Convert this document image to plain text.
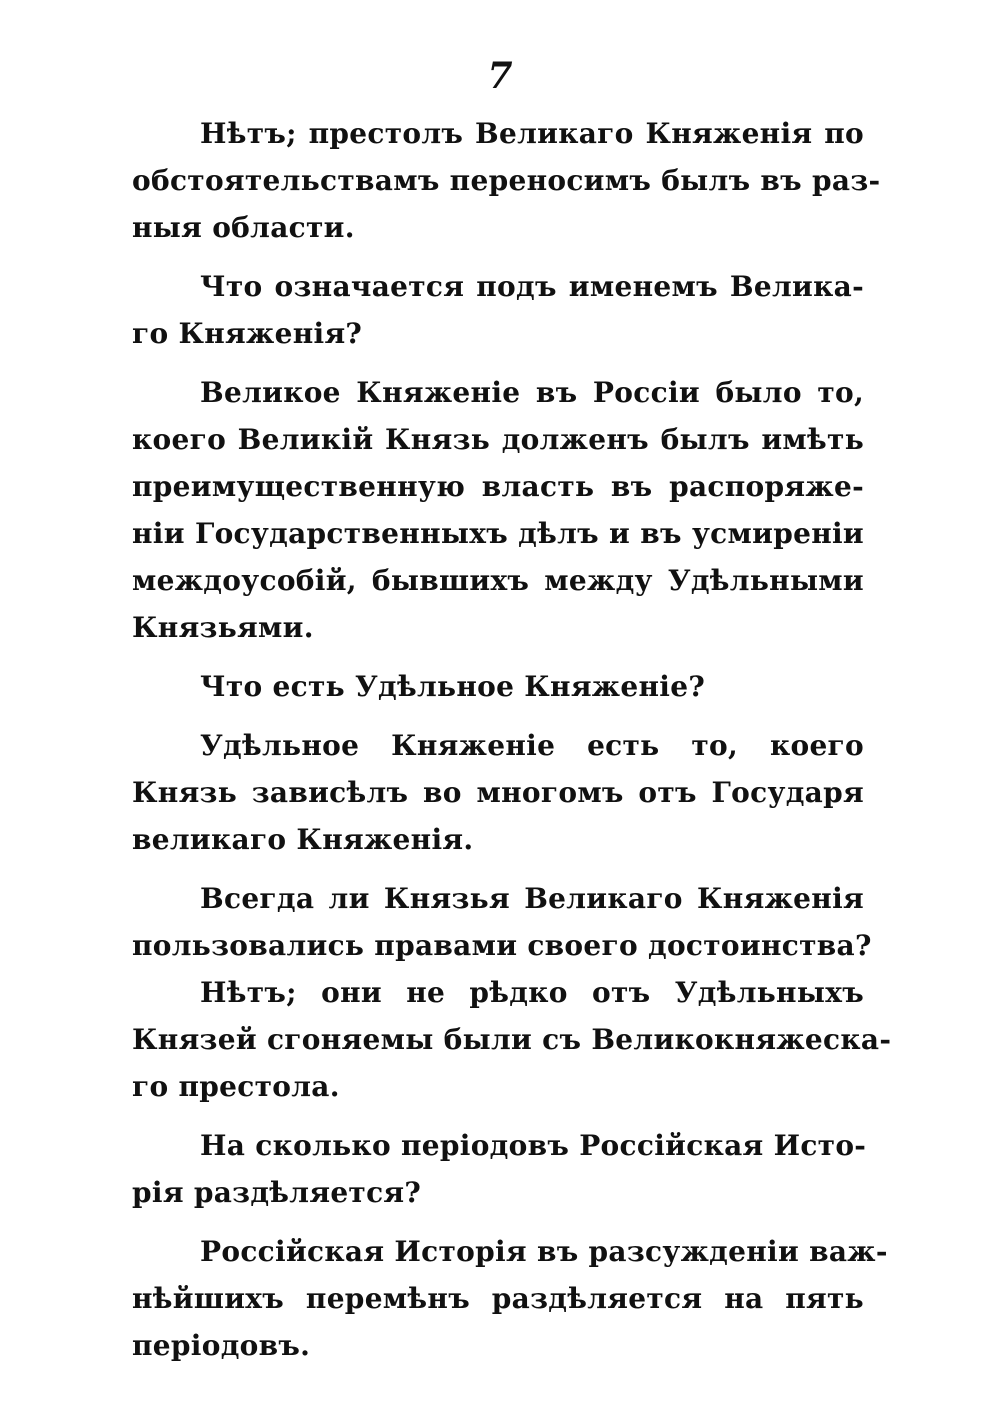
7
Нѣтъ; престолъ Великаго Княженія по
обстоятельствамъ переносимъ былъ въ раз-
ныя области.
Что означается подъ именемъ Велика-
го Княженія?
Великое Княженіе въ Россіи было то,
коего Великій Князь долженъ былъ имѣть
преимущественную власть въ распоряже-
ніи Государственныхъ дѣлъ и въ усмиреніи
междоусобій, бывшихъ между Удѣльными
Князьями.
Что есть Удѣльное Княженіе?
Удѣльное Княженіе есть то, коего
Князь зависѣлъ во многомъ отъ Государя
великаго Княженія.
Всегда ли Князья Великаго Княженія
пользовались правами своего достоинства?
Нѣтъ; они не рѣдко отъ Удѣльныхъ
Князей сгоняемы были съ Великокняжеска-
го престола.
На сколько періодовъ Россійская Исто-
рія раздѣляется?
Россійская Исторія въ разсужденіи важ-
нѣйшихъ перемѣнъ раздѣляется на пять
періодовъ.
